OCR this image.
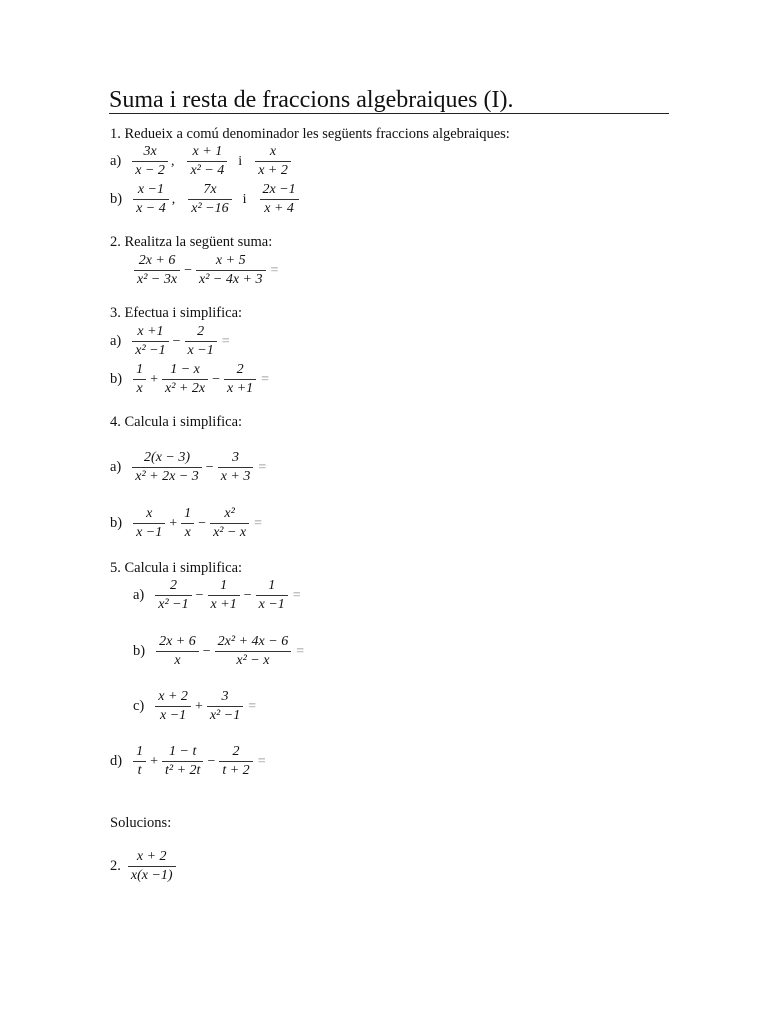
Suma i resta de fraccions algebraiques (I).
1. Redueix a comú denominador les següents fraccions algebraiques:
$a) \frac{3x}{x - 2}$ , $\frac{x + 1}{\text{x² − 4}}$ i $\frac{x}{x + 2}$
$b) \frac{x -1}{x - 4}$ , $\frac{7x}{\text{x² −16}}$ i $\frac{2x -1}{x + 4}$
2. Realitza la següent suma:
$\frac{2x + 6}{\text{x² − 3x}} - \frac{x + 5}{\text{x² − 4x + 3}}$ =
3. Efectua i simplifica:
$a) \frac{x +1}{\text{x² −1}} - \frac{2}{x -1}$ =
$b) \frac{1}{x} + \frac{1 - x}{\text{x² + 2x}} - \frac{2}{x +1}$ =
4. Calcula i simplifica:
$a) \frac{2(x - 3)}{\text{x² + 2x − 3}} - \frac{3}{x + 3}$ =
$b) \frac{x}{x -1} + \frac{1}{x} - \frac{\text{x²}}{\text{x² − x}}$ =
5. Calcula i simplifica:
$a) \frac{2}{\text{x² −1}} - \frac{1}{x +1} - \frac{1}{x -1}$ =
$b) \frac{2x + 6}{x} - \frac{\text{2x² + 4x − 6}}{\text{x² − x}}$ =
$c) \frac{x + 2}{x -1} + \frac{3}{\text{x² −1}}$ =
$d) \frac{1}{t} + \frac{1 - t}{\text{t² + 2t}} - \frac{2}{t + 2}$ =
Solucions:
2. $\frac{x + 2}{x(x -1)}$
